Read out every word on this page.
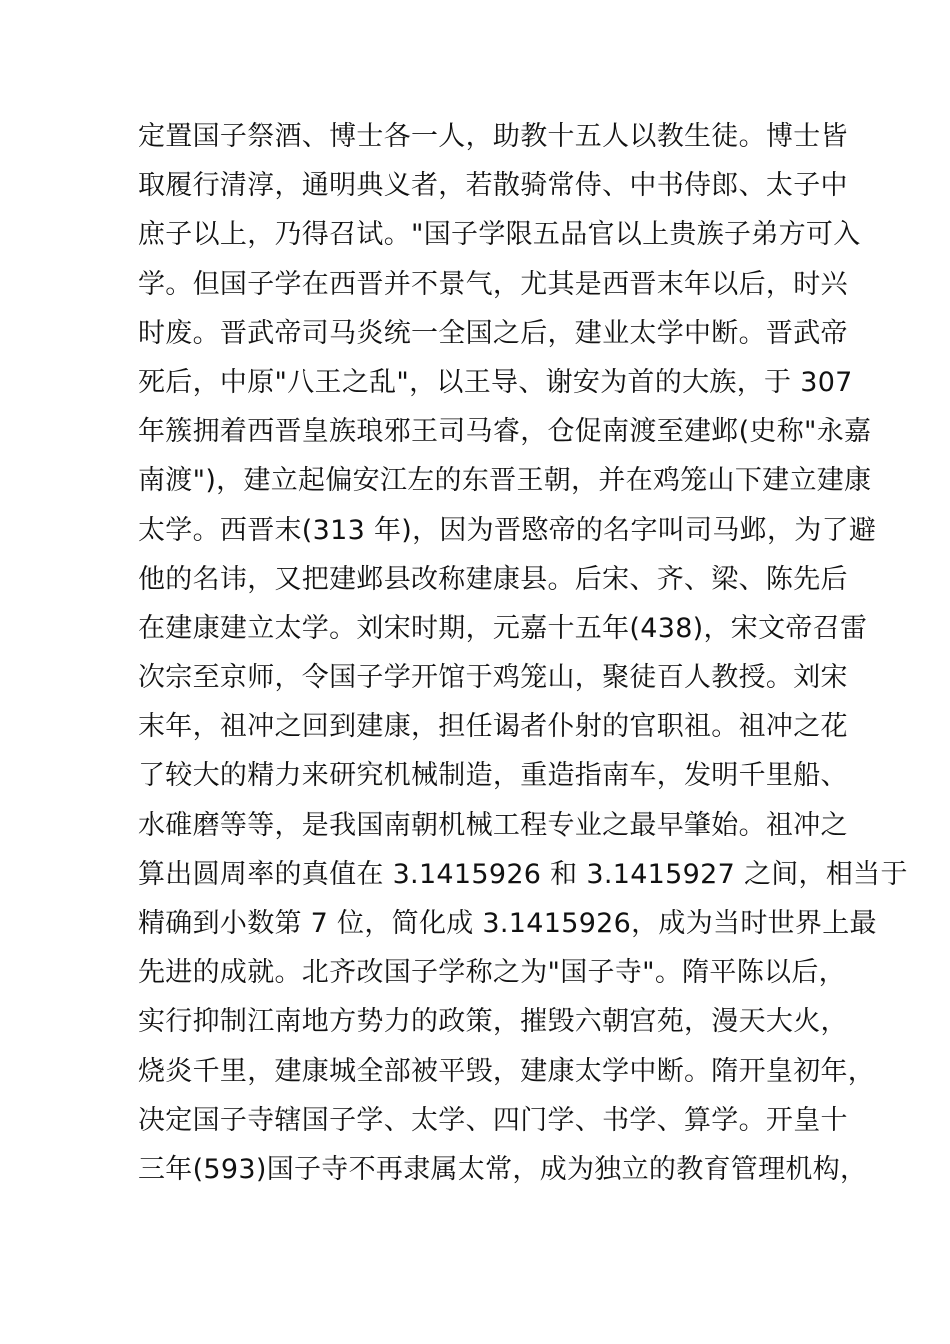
定置国子祭酒、博士各一人，助教十五人以教生徒。博士皆
取履行清淳，通明典义者，若散骑常侍、中书侍郎、太子中
庶子以上，乃得召试。"国子学限五品官以上贵族子弟方可入
学。但国子学在西晋并不景气，尤其是西晋末年以后，时兴
时废。晋武帝司马炎统一全国之后，建业太学中断。晋武帝
死后，中原"八王之乱"，以王导、谢安为首的大族，于 307
年簇拥着西晋皇族琅邪王司马睿，仓促南渡至建邺(史称"永嘉
南渡")，建立起偏安江左的东晋王朝，并在鸡笼山下建立建康
太学。西晋末(313 年)，因为晋愍帝的名字叫司马邺，为了避
他的名讳，又把建邺县改称建康县。后宋、齐、梁、陈先后
在建康建立太学。刘宋时期，元嘉十五年(438)，宋文帝召雷
次宗至京师，令国子学开馆于鸡笼山，聚徒百人教授。刘宋
末年，祖冲之回到建康，担任谒者仆射的官职祖。祖冲之花
了较大的精力来研究机械制造，重造指南车，发明千里船、
水碓磨等等，是我国南朝机械工程专业之最早肇始。祖冲之
算出圆周率的真值在 3.1415926 和 3.1415927 之间，相当于
精确到小数第 7 位，简化成 3.1415926，成为当时世界上最
先进的成就。北齐改国子学称之为"国子寺"。隋平陈以后，
实行抑制江南地方势力的政策，摧毁六朝宫苑，漫天大火，
烧炎千里，建康城全部被平毁，建康太学中断。隋开皇初年，
决定国子寺辖国子学、太学、四门学、书学、算学。开皇十
三年(593)国子寺不再隶属太常，成为独立的教育管理机构，
